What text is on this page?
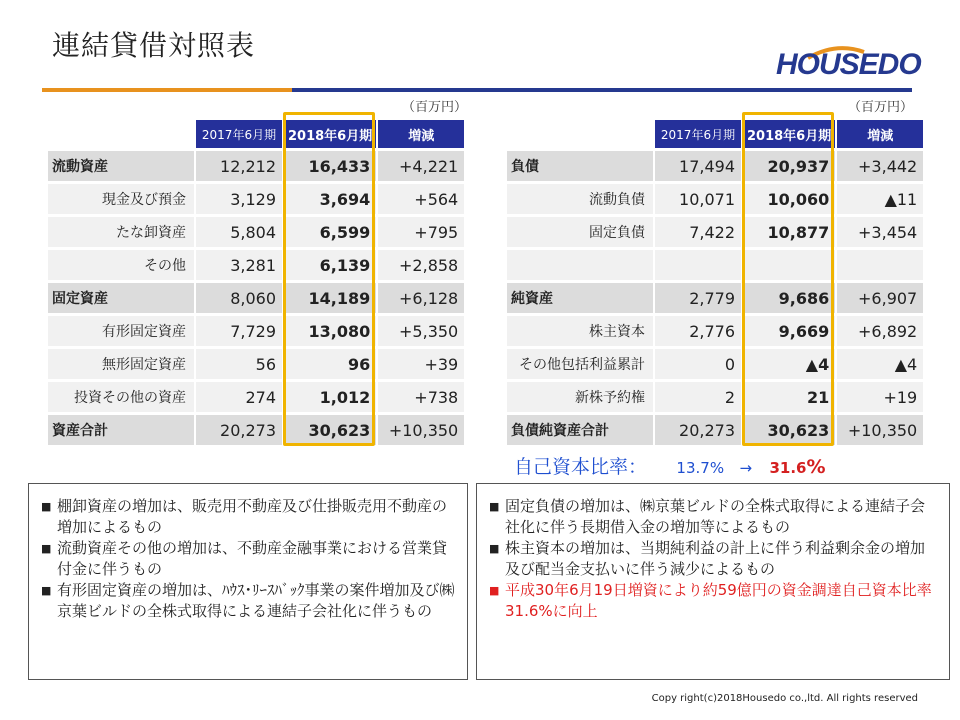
連結貸借対照表
HOUSEDO
（百万円）	（百万円）
	2017年6月期	2018年6月期	増減
流動資産	12,212	16,433	+4,221
現金及び預金	3,129	3,694	+564
たな卸資産	5,804	6,599	+795
その他	3,281	6,139	+2,858
固定資産	8,060	14,189	+6,128
有形固定資産	7,729	13,080	+5,350
無形固定資産	56	96	+39
投資その他の資産	274	1,012	+738
資産合計	20,273	30,623	+10,350
	2017年6月期	2018年6月期	増減
負債	17,494	20,937	+3,442
流動負債	10,071	10,060	▲11
固定負債	7,422	10,877	+3,454

純資産	2,779	9,686	+6,907
株主資本	2,776	9,669	+6,892
その他包括利益累計	0	▲4	▲4
新株予約権	2	21	+19
負債純資産合計	20,273	30,623	+10,350
自己資本比率： 13.7% → 31.6%
■ 棚卸資産の増加は、販売用不動産及び仕掛販売用不動産の増加によるもの
■ 流動資産その他の増加は、不動産金融事業における営業貸付金に伴うもの
■ 有形固定資産の増加は、ﾊｳｽ･ﾘｰｽﾊﾞｯｸ事業の案件増加及び㈱京葉ビルドの全株式取得による連結子会社化に伴うもの
■ 固定負債の増加は、㈱京葉ビルドの全株式取得による連結子会社化に伴う長期借入金の増加等によるもの
■ 株主資本の増加は、当期純利益の計上に伴う利益剰余金の増加及び配当金支払いに伴う減少によるもの
■ 平成30年6月19日増資により約59億円の資金調達自己資本比率31.6%に向上
Copy right(c)2018Housedo co.,ltd. All rights reserved
